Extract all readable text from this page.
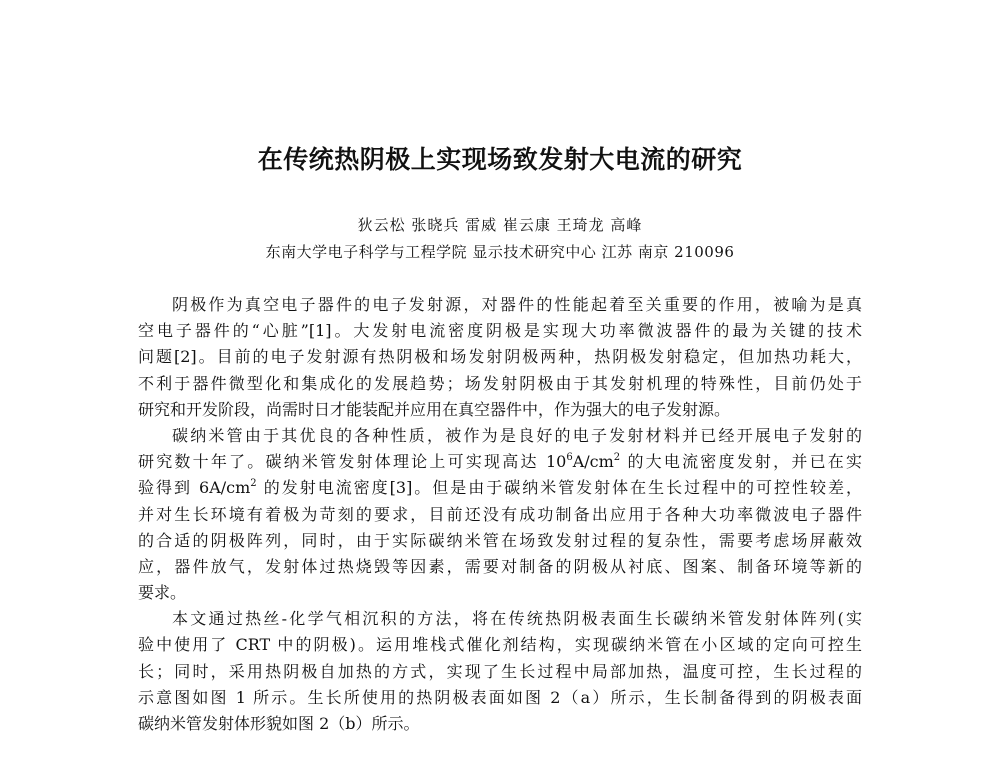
在传统热阴极上实现场致发射大电流的研究

狄云松 张晓兵 雷威 崔云康 王琦龙 高峰

东南大学电子科学与工程学院 显示技术研究中心 江苏 南京 210096

阴极作为真空电子器件的电子发射源，对器件的性能起着至关重要的作用，被喻为是真
空电子器件的“心脏”[1]。大发射电流密度阴极是实现大功率微波器件的最为关键的技术
问题[2]。目前的电子发射源有热阴极和场发射阴极两种，热阴极发射稳定，但加热功耗大，
不利于器件微型化和集成化的发展趋势；场发射阴极由于其发射机理的特殊性，目前仍处于
研究和开发阶段，尚需时日才能装配并应用在真空器件中，作为强大的电子发射源。
碳纳米管由于其优良的各种性质，被作为是良好的电子发射材料并已经开展电子发射的
研究数十年了。碳纳米管发射体理论上可实现高达 $10^6A/cm^2$ 的大电流密度发射，并已在实
验得到 $6A/cm^2$ 的发射电流密度[3]。但是由于碳纳米管发射体在生长过程中的可控性较差，
并对生长环境有着极为苛刻的要求，目前还没有成功制备出应用于各种大功率微波电子器件
的合适的阴极阵列，同时，由于实际碳纳米管在场致发射过程的复杂性，需要考虑场屏蔽效
应，器件放气，发射体过热烧毁等因素，需要对制备的阴极从衬底、图案、制备环境等新的
要求。
本文通过热丝-化学气相沉积的方法，将在传统热阴极表面生长碳纳米管发射体阵列(实
验中使用了 CRT 中的阴极)。运用堆栈式催化剂结构，实现碳纳米管在小区域的定向可控生
长；同时，采用热阴极自加热的方式，实现了生长过程中局部加热，温度可控，生长过程的
示意图如图 1 所示。生长所使用的热阴极表面如图 2（a）所示，生长制备得到的阴极表面
碳纳米管发射体形貌如图 2（b）所示。
